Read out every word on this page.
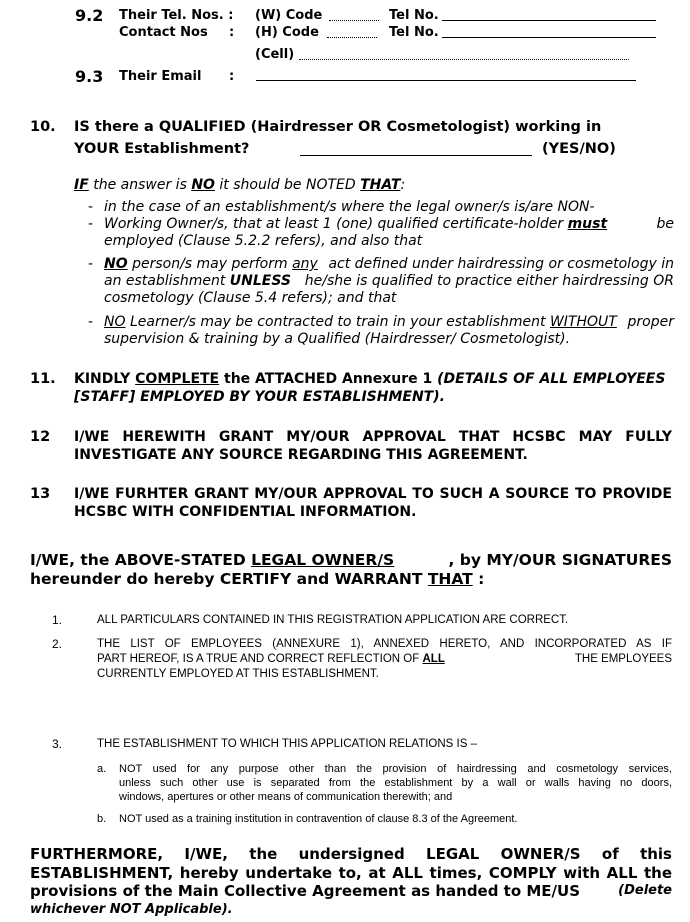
9.2 Their Tel. Nos. :
Contact Nos :
(W) Code	Tel No.
(H) Code	Tel No.
(Cell)
9.3 Their Email :
10. IS there a QUALIFIED (Hairdresser OR Cosmetologist) working in
YOUR Establishment?	(YES/NO)
IF the answer is NO it should be NOTED THAT:
-
-
in the case of an establishment/s where the legal owner/s is/are NON-
Working Owner/s, that at least 1 (one) qualified certificate-holder must	be
employed (Clause 5.2.2 refers), and also that
- NO person/s may perform any act defined under hairdressing or cosmetology in
an establishment UNLESS he/she is qualified to practice either hairdressing OR
cosmetology (Clause 5.4 refers); and that
- NO Learner/s may be contracted to train in your establishment WITHOUT proper
supervision & training by a Qualified (Hairdresser/ Cosmetologist).
11. KINDLY COMPLETE the ATTACHED Annexure 1 (DETAILS OF ALL EMPLOYEES
[STAFF] EMPLOYED BY YOUR ESTABLISHMENT).
12 I/WE HEREWITH GRANT MY/OUR APPROVAL THAT HCSBC MAY FULLY
INVESTIGATE ANY SOURCE REGARDING THIS AGREEMENT.
13 I/WE FURHTER GRANT MY/OUR APPROVAL TO SUCH A SOURCE TO PROVIDE
HCSBC WITH CONFIDENTIAL INFORMATION.
I/WE, the ABOVE-STATED LEGAL OWNER/S	, by MY/OUR SIGNATURES
hereunder do hereby CERTIFY and WARRANT THAT :
1.	ALL PARTICULARS CONTAINED IN THIS REGISTRATION APPLICATION ARE CORRECT.
2.	THE LIST OF EMPLOYEES (ANNEXURE 1), ANNEXED HERETO, AND INCORPORATED AS IF
PART HEREOF, IS A TRUE AND CORRECT REFLECTION OF ALL	THE EMPLOYEES
CURRENTLY EMPLOYED AT THIS ESTABLISHMENT.
3.	THE ESTABLISHMENT TO WHICH THIS APPLICATION RELATIONS IS –
a. NOT used for any purpose other than the provision of hairdressing and cosmetology services,
unless such other use is separated from the establishment by a wall or walls having no doors,
windows, apertures or other means of communication therewith; and
b. NOT used as a training institution in contravention of clause 8.3 of the Agreement.
FURTHERMORE,  I/WE,  the  undersigned  LEGAL  OWNER/S  of  this
ESTABLISHMENT, hereby undertake to, at ALL times, COMPLY with ALL the
provisions of the Main Collective Agreement as handed to ME/US	(Delete
whichever NOT Applicable).
